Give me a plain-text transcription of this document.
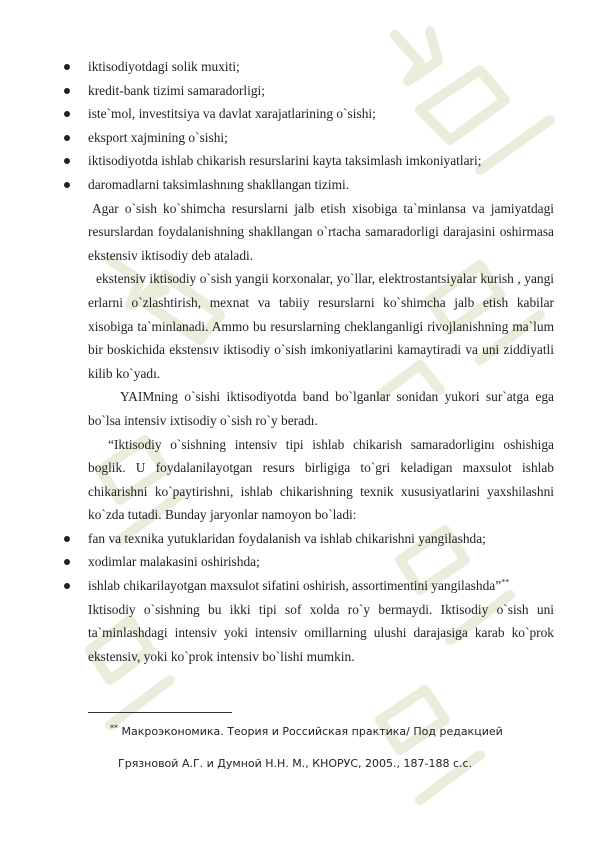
iktisodiyotdagi solik muxiti;
kredit-bank tizimi samaradorligi;
iste`mol, investitsiya va davlat xarajatlarining o`sishi;
eksport xajmining o`sishi;
iktisodiyotda ishlab chikarish resurslarini kayta taksimlash imkoniyatlari;
daromadlarni taksimlashnıng shakllangan tizimi.

Agar o`sish ko`shimcha resurslarni jalb etish xisobiga ta`minlansa va jamiyatdagi resurslardan foydalanishning shakllangan o`rtacha samaradorligi darajasini oshirmasa ekstensiv iktisodiy deb ataladi.

ekstensiv iktisodiy o`sish yangii korxonalar, yo`llar, elektrostantsiyalar kurish , yangi erlarni o`zlashtirish, mexnat va tabiiy resurslarni ko`shimcha jalb etish kabilar xisobiga ta`minlanadi. Ammo bu resurslarning cheklanganligi rivojlanishning ma`lum bir boskichida ekstensıv iktisodiy o`sish imkoniyatlarini kamaytiradi va uni ziddiyatli kilib ko`yadı.

YAIMning o`sishi iktisodiyotda band bo`lganlar sonidan yukori sur`atga ega bo`lsa intensiv ixtisodiy o`sish ro`y beradı.

“Iktisodiy o`sishning intensiv tipi ishlab chikarish samaradorliginı oshishiga boglik. U foydalanilayotgan resurs birligiga to`gri keladigan maxsulot ishlab chikarishni ko`paytirishni, ishlab chikarishning texnik xususiyatlarini yaxshilashni ko`zda tutadi. Bunday jaryonlar namoyon bo`ladi:

fan va texnika yutuklaridan foydalanish va ishlab chikarishni yangilashda;
xodimlar malakasini oshirishda;
ishlab chikarilayotgan maxsulot sifatini oshirish, assortimentini yangilashda”**

Iktisodiy o`sishning bu ikki tipi sof xolda ro`y bermaydi. Iktisodiy o`sish uni ta`minlashdagi intensiv yoki intensiv omillarning ulushi darajasiga karab ko`prok ekstensiv, yoki ko`prok intensiv bo`lishi mumkin.

** Макроэкономика. Теория и Российская практика/ Под редакцией
Грязновой А.Г. и Думной Н.Н. М., КНОРУС, 2005., 187-188 с.с.
